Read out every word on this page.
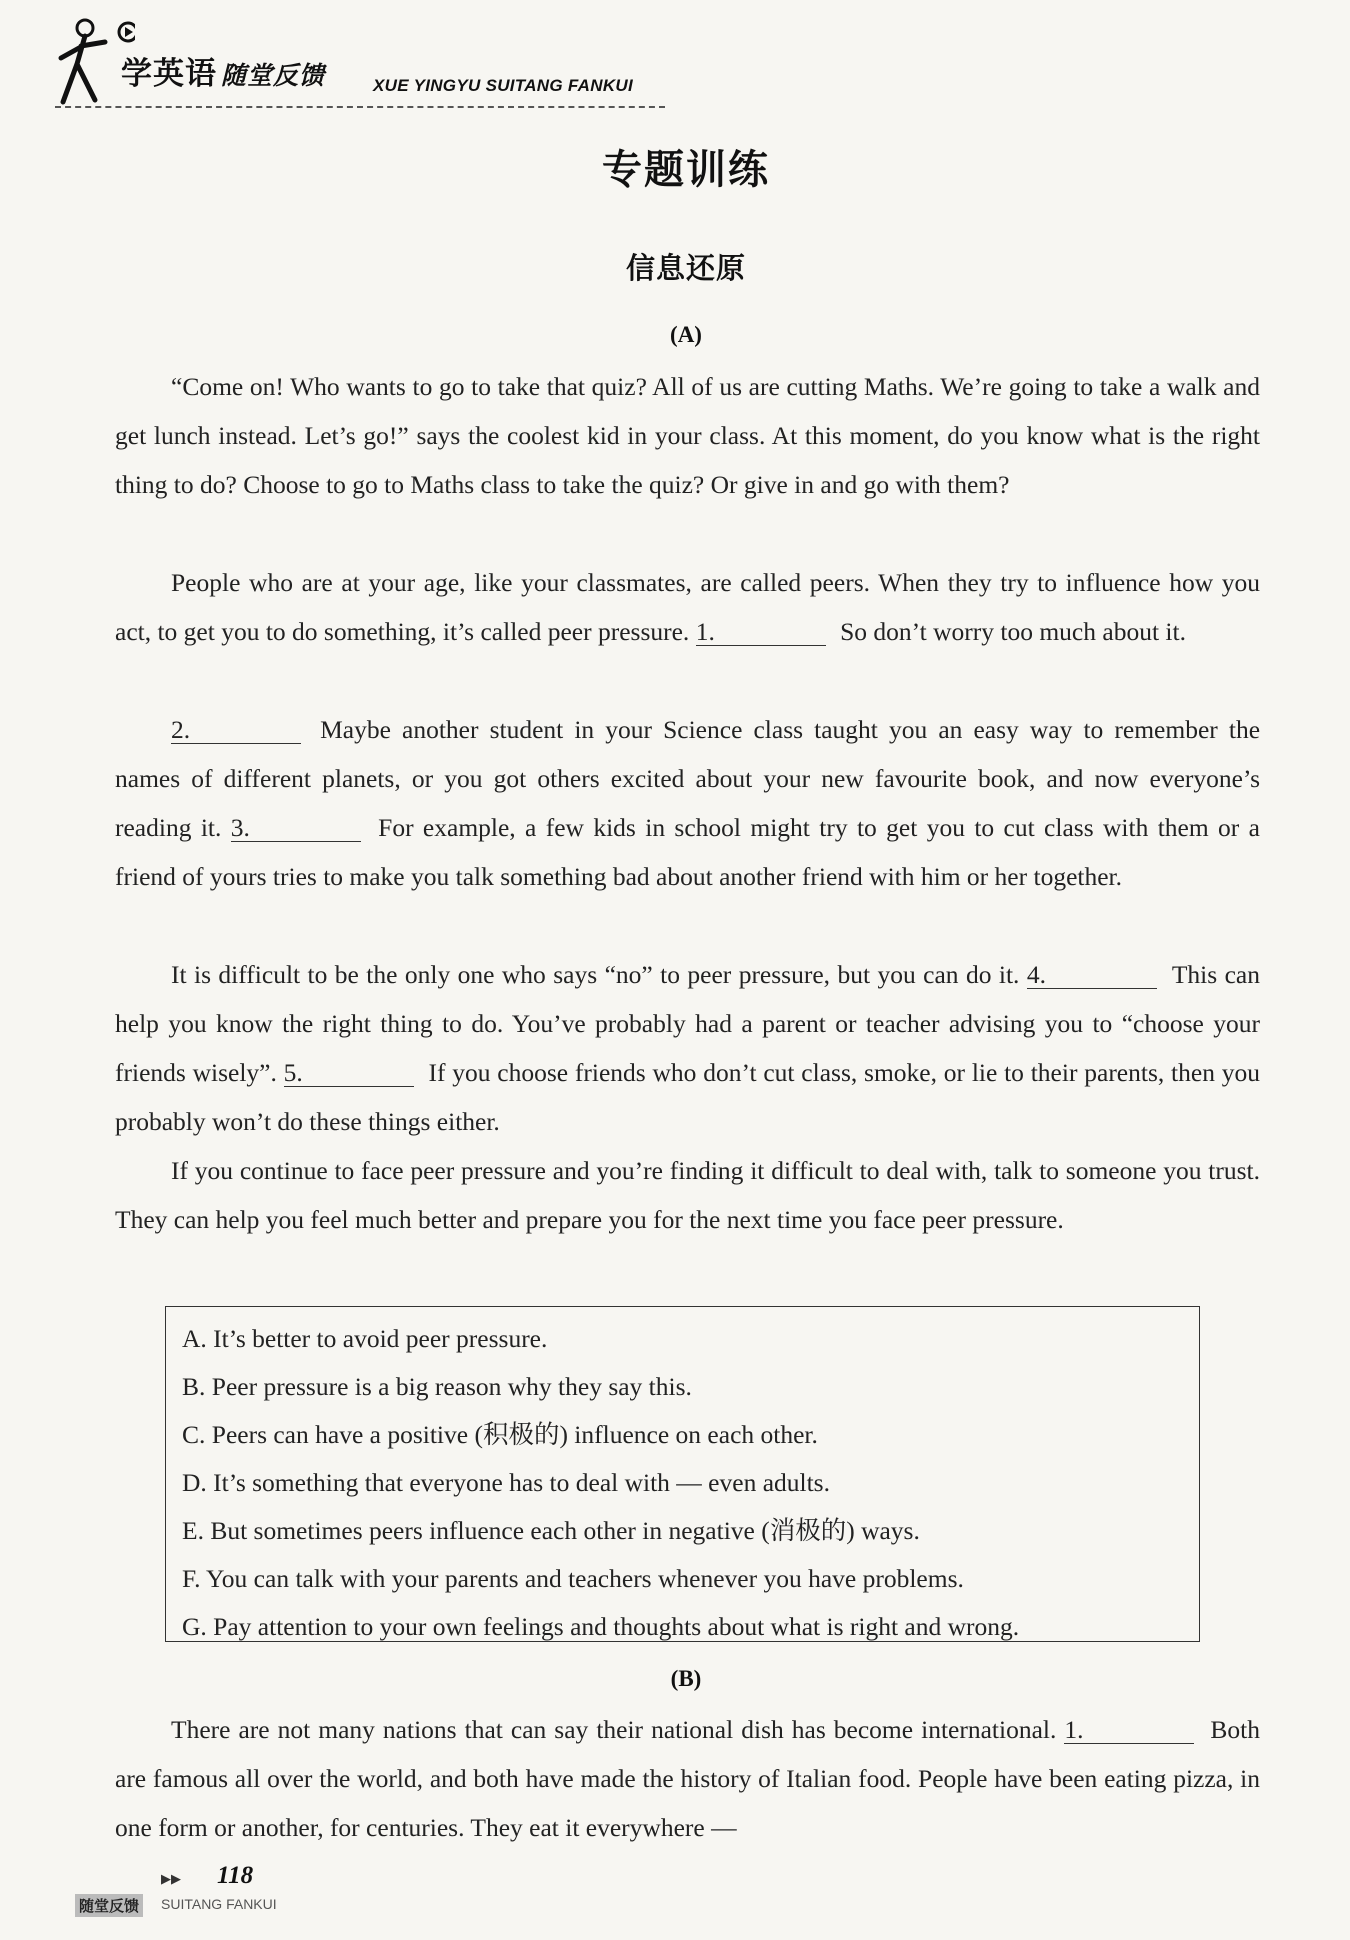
学英语 随堂反馈	XUE YINGYU SUITANG FANKUI
专题训练
信息还原
(A)

“Come on! Who wants to go to take that quiz? All of us are cutting Maths. We’re going to take a walk and get lunch instead. Let’s go!” says the coolest kid in your class. At this moment, do you know what is the right thing to do? Choose to go to Maths class to take the quiz? Or give in and go with them?

People who are at your age, like your classmates, are called peers. When they try to influence how you act, to get you to do something, it’s called peer pressure. 1.	So don’t worry too much about it.

2.	Maybe another student in your Science class taught you an easy way to remember the names of different planets, or you got others excited about your new favourite book, and now everyone’s reading it. 3.	For example, a few kids in school might try to get you to cut class with them or a friend of yours tries to make you talk something bad about another friend with him or her together.

It is difficult to be the only one who says “no” to peer pressure, but you can do it. 4.	This can help you know the right thing to do. You’ve probably had a parent or teacher advising you to “choose your friends wisely”. 5.	If you choose friends who don’t cut class, smoke, or lie to their parents, then you probably won’t do these things either.

If you continue to face peer pressure and you’re finding it difficult to deal with, talk to someone you trust. They can help you feel much better and prepare you for the next time you face peer pressure.

A. It’s better to avoid peer pressure.
B. Peer pressure is a big reason why they say this.
C. Peers can have a positive (积极的) influence on each other.
D. It’s something that everyone has to deal with — even adults.
E. But sometimes peers influence each other in negative (消极的) ways.
F. You can talk with your parents and teachers whenever you have problems.
G. Pay attention to your own feelings and thoughts about what is right and wrong.
(B)

There are not many nations that can say their national dish has become international. 1.	Both are famous all over the world, and both have made the history of Italian food. People have been eating pizza, in one form or another, for centuries. They eat it everywhere —

▶▶ 118
随堂反馈 SUITANG FANKUI
